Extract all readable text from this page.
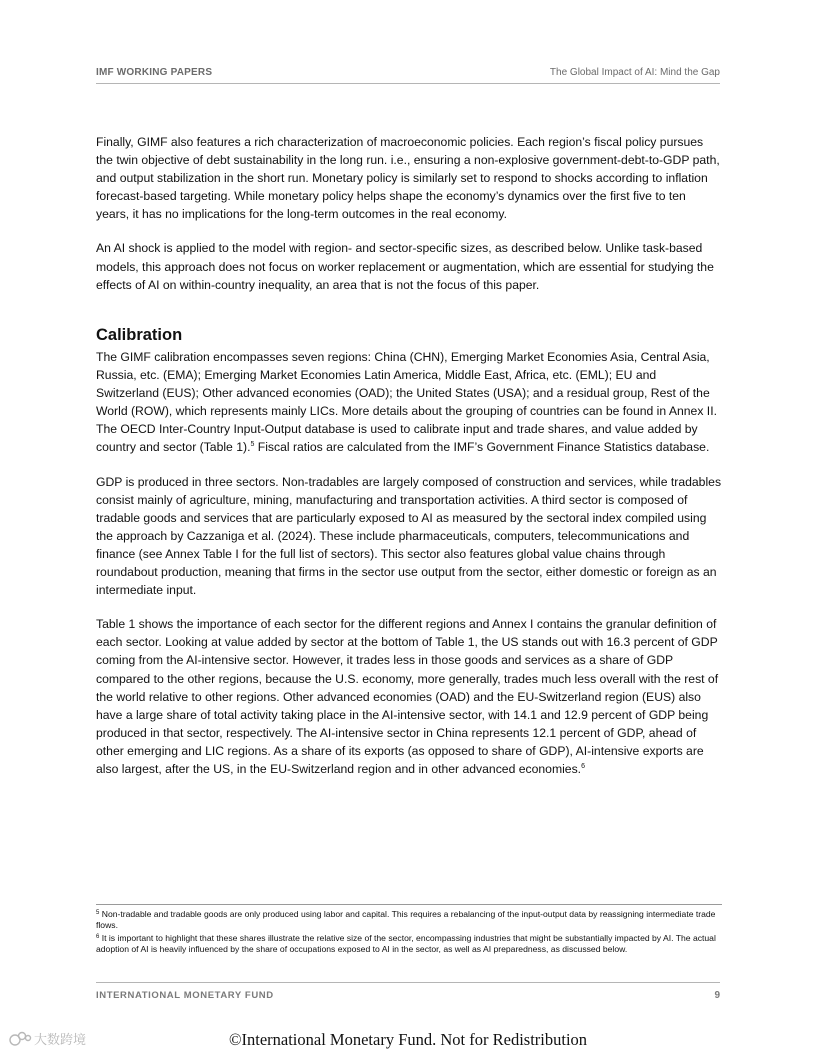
IMF WORKING PAPERS	The Global Impact of AI: Mind the Gap

Finally, GIMF also features a rich characterization of macroeconomic policies. Each region’s fiscal policy pursues the twin objective of debt sustainability in the long run. i.e., ensuring a non-explosive government-debt-to-GDP path, and output stabilization in the short run. Monetary policy is similarly set to respond to shocks according to inflation forecast-based targeting. While monetary policy helps shape the economy’s dynamics over the first five to ten years, it has no implications for the long-term outcomes in the real economy.

An AI shock is applied to the model with region- and sector-specific sizes, as described below. Unlike task-based models, this approach does not focus on worker replacement or augmentation, which are essential for studying the effects of AI on within-country inequality, an area that is not the focus of this paper.

Calibration

The GIMF calibration encompasses seven regions: China (CHN), Emerging Market Economies Asia, Central Asia, Russia, etc. (EMA); Emerging Market Economies Latin America, Middle East, Africa, etc. (EML); EU and Switzerland (EUS); Other advanced economies (OAD); the United States (USA); and a residual group, Rest of the World (ROW), which represents mainly LICs. More details about the grouping of countries can be found in Annex II. The OECD Inter-Country Input-Output database is used to calibrate input and trade shares, and value added by country and sector (Table 1).$^5$ Fiscal ratios are calculated from the IMF’s Government Finance Statistics database.

GDP is produced in three sectors. Non-tradables are largely composed of construction and services, while tradables consist mainly of agriculture, mining, manufacturing and transportation activities. A third sector is composed of tradable goods and services that are particularly exposed to AI as measured by the sectoral index compiled using the approach by Cazzaniga et al. (2024). These include pharmaceuticals, computers, telecommunications and finance (see Annex Table I for the full list of sectors). This sector also features global value chains through roundabout production, meaning that firms in the sector use output from the sector, either domestic or foreign as an intermediate input.

Table 1 shows the importance of each sector for the different regions and Annex I contains the granular definition of each sector. Looking at value added by sector at the bottom of Table 1, the US stands out with 16.3 percent of GDP coming from the AI-intensive sector. However, it trades less in those goods and services as a share of GDP compared to the other regions, because the U.S. economy, more generally, trades much less overall with the rest of the world relative to other regions. Other advanced economies (OAD) and the EU-Switzerland region (EUS) also have a large share of total activity taking place in the AI-intensive sector, with 14.1 and 12.9 percent of GDP being produced in that sector, respectively. The AI-intensive sector in China represents 12.1 percent of GDP, ahead of other emerging and LIC regions. As a share of its exports (as opposed to share of GDP), AI-intensive exports are also largest, after the US, in the EU-Switzerland region and in other advanced economies.$^6$

$^5$ Non-tradable and tradable goods are only produced using labor and capital. This requires a rebalancing of the input-output data by reassigning intermediate trade flows.

$^6$ It is important to highlight that these shares illustrate the relative size of the sector, encompassing industries that might be substantially impacted by AI. The actual adoption of AI is heavily influenced by the share of occupations exposed to AI in the sector, as well as AI preparedness, as discussed below.

INTERNATIONAL MONETARY FUND	9
大数跨境	©International Monetary Fund. Not for Redistribution
